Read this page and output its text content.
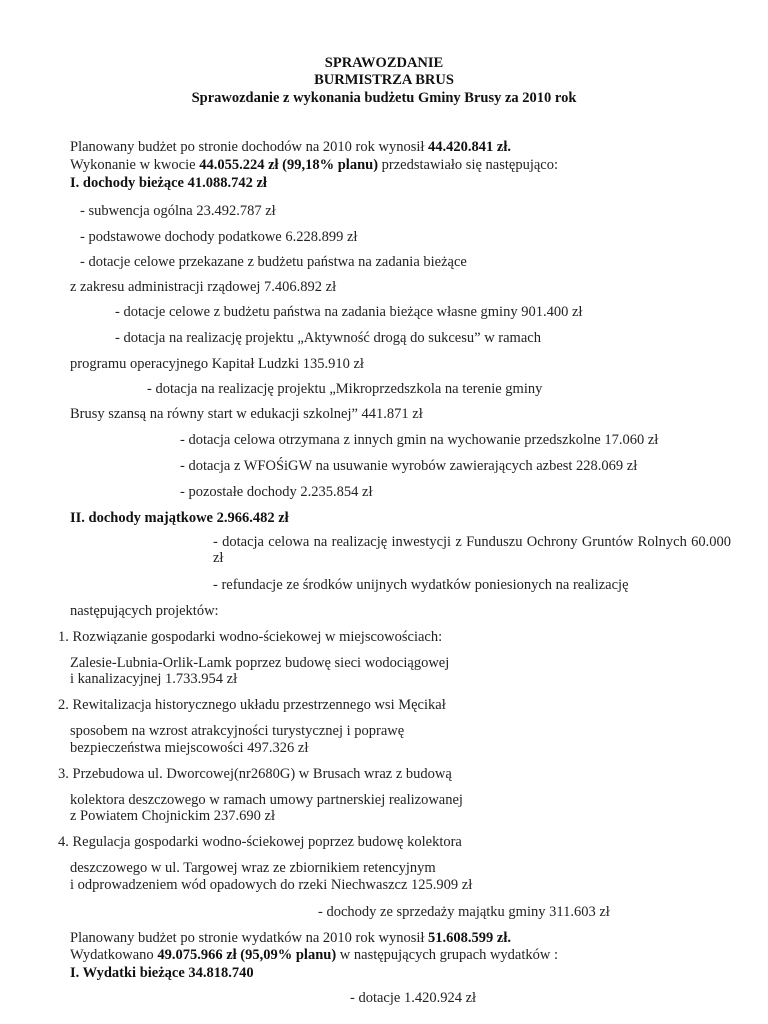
SPRAWOZDANIE
BURMISTRZA BRUS
Sprawozdanie z wykonania budżetu Gminy Brusy za 2010 rok
Planowany budżet po stronie dochodów na 2010 rok wynosił 44.420.841 zł.
Wykonanie w kwocie 44.055.224 zł (99,18% planu) przedstawiało się następująco:
I. dochody bieżące 41.088.742 zł
- subwencja ogólna 23.492.787 zł
- podstawowe dochody podatkowe 6.228.899 zł
- dotacje celowe przekazane z budżetu państwa na zadania bieżące
z zakresu administracji rządowej 7.406.892 zł
- dotacje celowe z budżetu państwa na zadania bieżące własne gminy 901.400 zł
- dotacja na realizację projektu „Aktywność drogą do sukcesu” w ramach
programu operacyjnego Kapitał Ludzki 135.910 zł
- dotacja na realizację projektu „Mikroprzedszkola na terenie gminy
Brusy szansą na równy start w edukacji szkolnej” 441.871 zł
- dotacja celowa otrzymana z innych gmin na wychowanie przedszkolne 17.060 zł
- dotacja z WFOŚiGW na usuwanie wyrobów zawierających azbest 228.069 zł
- pozostałe dochody 2.235.854 zł
II. dochody majątkowe 2.966.482 zł
- dotacja celowa na realizację inwestycji z Funduszu Ochrony Gruntów Rolnych 60.000 zł
- refundacje ze środków unijnych wydatków poniesionych na realizację
następujących projektów:
1. Rozwiązanie gospodarki wodno-ściekowej w miejscowościach:
Zalesie-Lubnia-Orlik-Lamk poprzez budowę sieci wodociągowej
i kanalizacyjnej 1.733.954 zł
2. Rewitalizacja historycznego układu przestrzennego wsi Męcikał
sposobem na wzrost atrakcyjności turystycznej i poprawę
bezpieczeństwa miejscowości 497.326 zł
3. Przebudowa ul. Dworcowej(nr2680G) w Brusach wraz z budową
kolektora deszczowego w ramach umowy partnerskiej realizowanej
z Powiatem Chojnickim 237.690 zł
4. Regulacja gospodarki wodno-ściekowej poprzez budowę kolektora
deszczowego w ul. Targowej wraz ze zbiornikiem retencyjnym
i odprowadzeniem wód opadowych do rzeki Niechwaszcz 125.909 zł
- dochody ze sprzedaży majątku gminy 311.603 zł
Planowany budżet po stronie wydatków na 2010 rok wynosił 51.608.599 zł.
Wydatkowano 49.075.966 zł (95,09% planu) w następujących grupach wydatków :
I. Wydatki bieżące 34.818.740
- dotacje 1.420.924 zł
